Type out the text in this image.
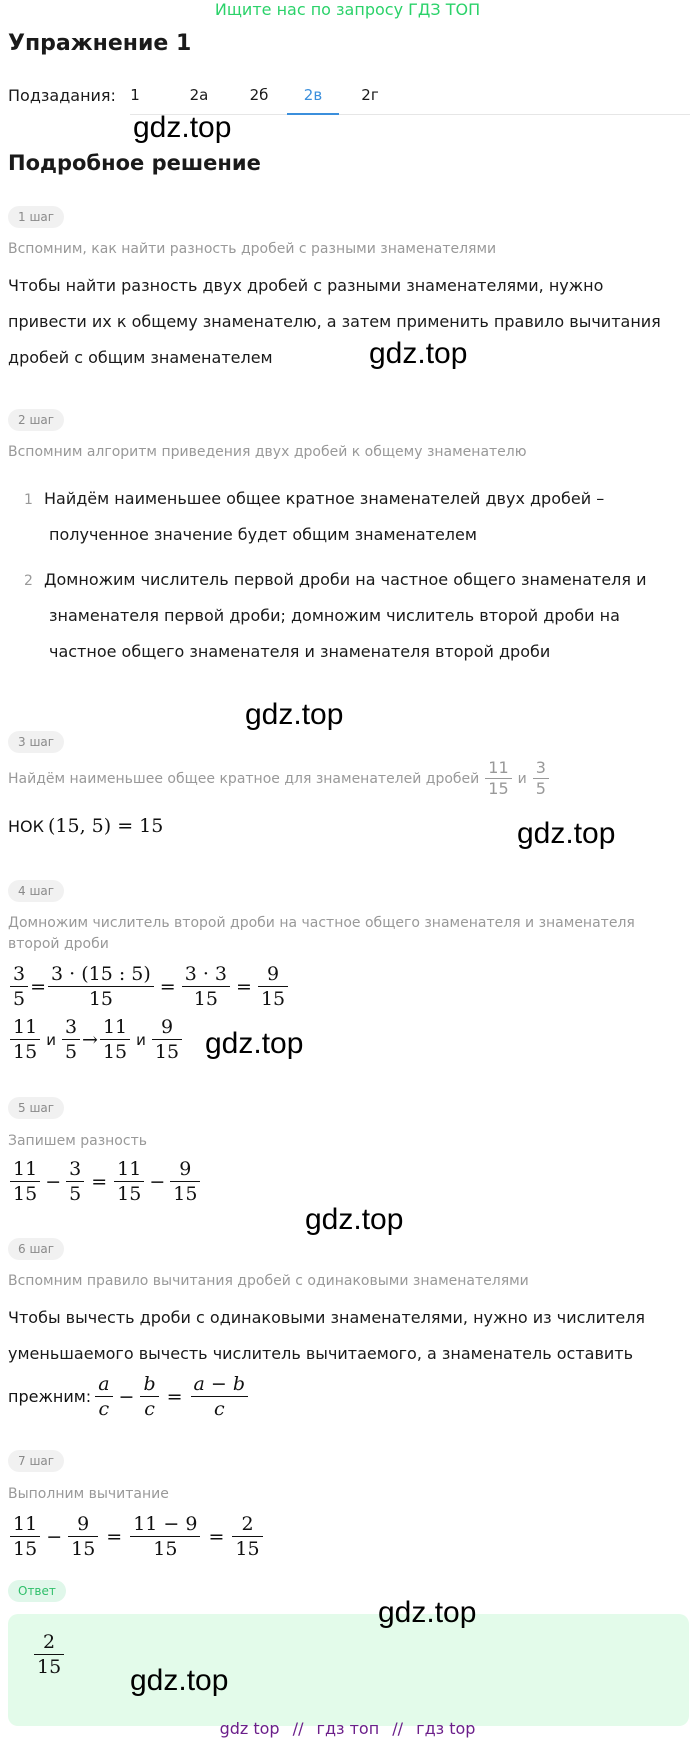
Ищите нас по запросу ГДЗ ТОП
Упражнение 1
Подзадания: 1	2а	2б 2в	2г
gdz.top
Подробное решение
1 шаг
Вспомним, как найти разность дробей с разными знаменателями
Чтобы найти разность двух дробей с разными знаменателями, нужно
привести их к общему знаменателю, а затем применить правило вычитания
дробей с общим знаменателем	gdz.top
2 шаг
Вспомним алгоритм приведения двух дробей к общему знаменателю
1 Найдём наименьшее общее кратное знаменателей двух дробей –
полученное значение будет общим знаменателем
2 Домножим числитель первой дроби на частное общего знаменателя и
знаменателя первой дроби; домножим числитель второй дроби на
частное общего знаменателя и знаменателя второй дроби
gdz.top
3 шаг
Найдём наименьшее общее кратное для знаменателей дробей $\frac{11}{15}$ и $\frac{3}{5}$
НОК (15, 5) = 15	gdz.top
4 шаг
Домножим числитель второй дроби на частное общего знаменателя и знаменателя второй дроби
$\frac{3}{5} = \frac{3 \cdot (15 : 5)}{15} = \frac{3 \cdot 3}{15} = \frac{9}{15}$
$\frac{11}{15}$ и $\frac{3}{5} \to \frac{11}{15}$ и $\frac{9}{15} gdz.top$
5 шаг
Запишем разность
$\frac{11}{15} - \frac{3}{5} = \frac{11}{15} - \frac{9}{15}$
gdz.top
6 шаг
Вспомним правило вычитания дробей с одинаковыми знаменателями
Чтобы вычесть дроби с одинаковыми знаменателями, нужно из числителя
уменьшаемого вычесть числитель вычитаемого, а знаменатель оставить
прежним: $\frac{a}{c} - \frac{b}{c} = \frac{a - b}{c}$
7 шаг
Выполним вычитание
$\frac{11}{15} - \frac{9}{15} = \frac{11 - 9}{15} = \frac{2}{15}$
Ответ
$\frac{2}{15}$
gdz.top
gdz.top
gdz top // гдз топ // гдз top
